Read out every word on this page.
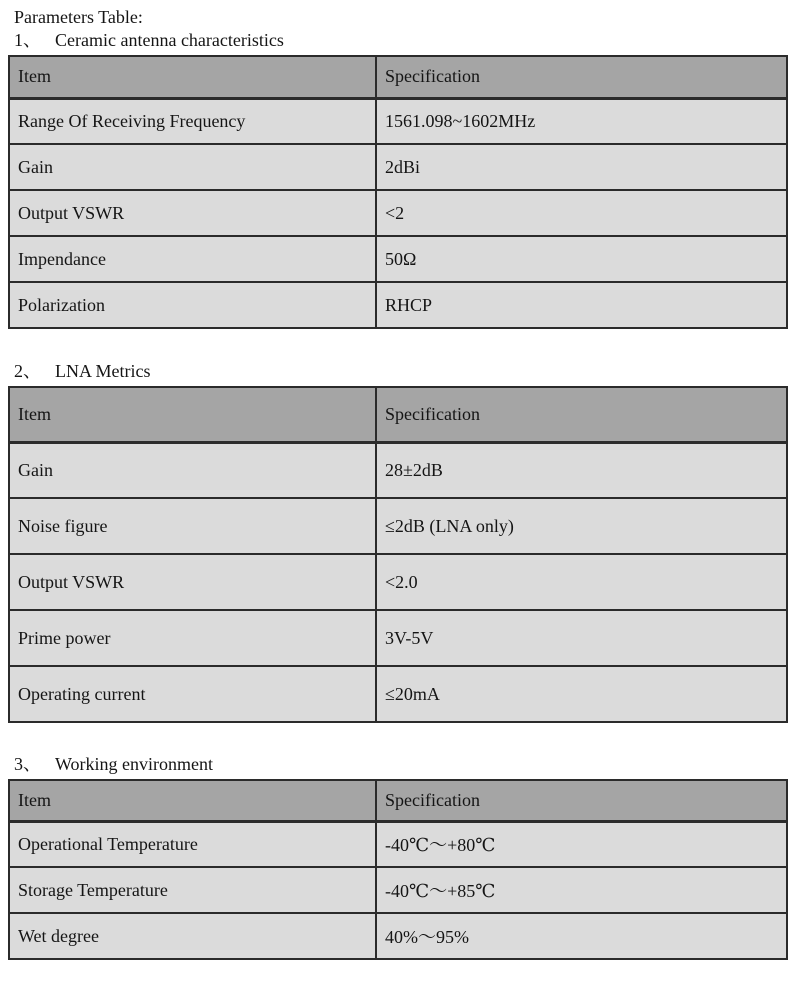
Parameters Table:

1、 Ceramic antenna characteristics

Item	Specification
Range Of Receiving Frequency	1561.098~1602MHz
Gain	2dBi
Output VSWR	<2
Impendance	50Ω
Polarization	RHCP

2、 LNA Metrics

Item	Specification
Gain	28±2dB
Noise figure	≤2dB (LNA only)
Output VSWR	<2.0
Prime power	3V-5V
Operating current	≤20mA

3、 Working environment

Item	Specification
Operational Temperature	-40℃～+80℃
Storage Temperature	-40℃～+85℃
Wet degree	40%～95%
